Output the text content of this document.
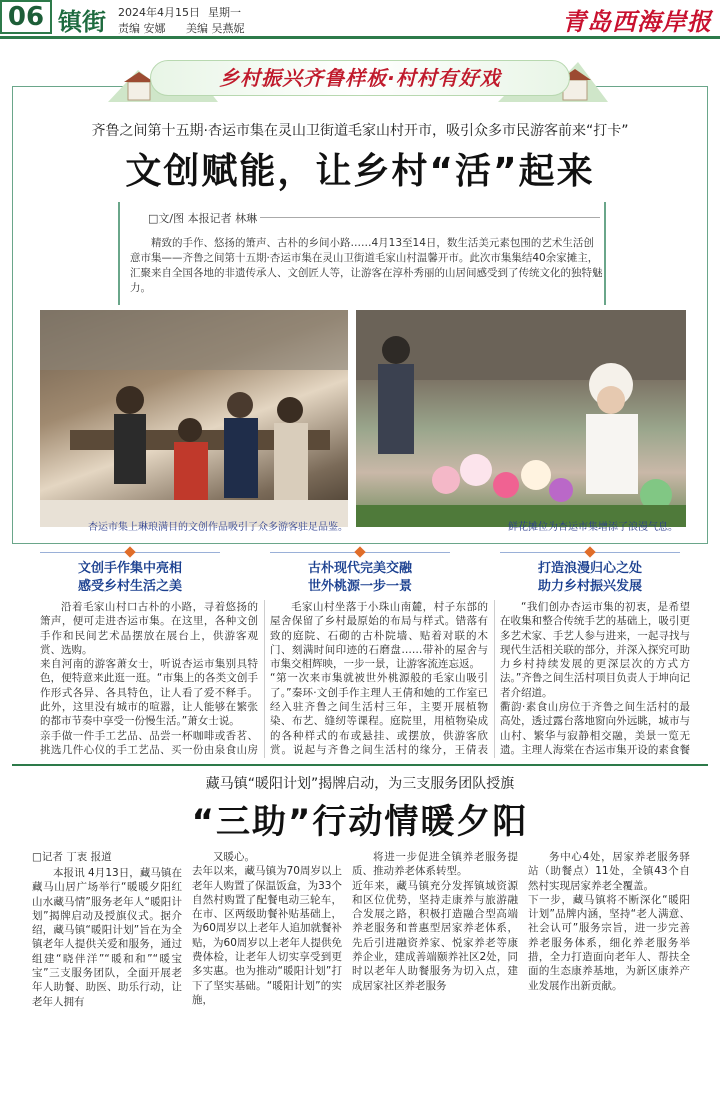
06 镇街 2024年4月15日 星期一
责编 安娜 美编 吴燕妮	青岛西海岸报
乡村振兴齐鲁样板·村村有好戏
齐鲁之间第十五期·杏运市集在灵山卫街道毛家山村开市，吸引众多市民游客前来“打卡”
文创赋能，让乡村“活”起来
□文/图 本报记者 林琳
精致的手作、悠扬的箫声、古朴的乡间小路……4月13至14日，数生活美元素包围的艺术生活创意市集——齐鲁之间第十五期·杏运市集在灵山卫街道毛家山村温馨开市。此次市集集结40余家摊主，汇聚来自全国各地的非遗传承人、文创匠人等，让游客在淳朴秀丽的山居间感受到了传统文化的独特魅力。
杏运市集上琳琅满目的文创作品吸引了众多游客驻足品鉴。	鲜花摊位为杏运市集增添了浪漫气息。
文创手作集中亮相
感受乡村生活之美
古朴现代完美交融
世外桃源一步一景
打造浪漫归心之处
助力乡村振兴发展
沿着毛家山村口古朴的小路，寻着悠扬的箫声，便可走进杏运市集。在这里，各种文创手作和民间艺术品摆放在展台上，供游客观赏、选购。
来自河南的游客萧女士，听说杏运市集别具特色，便特意来此逛一逛。“市集上的各类文创手作形式各异、各具特色，让人看了爱不释手。此外，这里没有城市的喧嚣，让人能够在繁张的都市节奏中享受一份慢生活。”萧女士说。
亲手做一件手工艺品、品尝一杯咖啡或香茗、挑选几件心仪的手工艺品、买一份由泉食山房

毛家山村坐落于小珠山南麓，村子东部的屋舍保留了乡村最原始的布局与样式。错落有致的庭院、石砌的古朴院墙、贴着对联的木门、刻满时间印迹的石磨盘……带补的屋舍与市集交相辉映，一步一景，让游客流连忘返。
“第一次来市集就被世外桃源般的毛家山吸引了。”秦环·文创手作主理人王倩和她的工作室已经入驻齐鲁之间生活村三年，主要开展植物染、布艺、缝纫等课程。庭院里，用植物染成的各种样式的布或悬挂、或摆放，供游客欣赏。说起与齐鲁之间生活村的缘分，王倩表

“我们创办杏运市集的初衷，是希望在收集和整合传统手艺的基础上，吸引更多艺术家、手艺人参与进来，一起寻找与现代生活相关联的部分，并深入探究可助力乡村持续发展的更深层次的方式方法。”齐鲁之间生活村项目负责人于坤向记者介绍道。
衢韵·素食山房位于齐鲁之间生活村的最高处，透过露台落地窗向外远眺，城市与山村、繁华与寂静相交融，美景一览无遗。主理人海棠在杏运市集开设的素食餐

藏马镇“暖阳计划”揭牌启动，为三支服务团队授旗
“三助”行动情暖夕阳
□记者 丁衷 报道
本报讯 4月13日，藏马镇在藏马山居广场举行“暖暖夕阳红 山水藏马情”服务老年人“暖阳计划”揭牌启动及授旗仪式。据介绍，藏马镇“暖阳计划”旨在为全镇老年人提供关爱和服务，通过组建“晓伴洋”“暖和和”“暖宝宝”三支服务团队，全面开展老年人助餐、助医、助乐行动，让老年人拥有
又暖心。
去年以来，藏马镇为70周岁以上老年人购置了保温饭盒，为33个自然村购置了配餐电动三轮车，在市、区两级助餐补贴基础上，为60周岁以上老年人追加就餐补贴，为60周岁以上老年人提供免费体检，让老年人切实享受到更多实惠。也为推动“暖阳计划”打下了坚实基础。“暖阳计划”的实施，
将进一步促进全镇养老服务提质、推动养老体系转型。
近年来，藏马镇充分发挥镇域资源和区位优势，坚持走康养与旅游融合发展之路，积极打造融合型高端养老服务和普惠型居家养老体系，先后引进融资养家、悦家养老等康养企业，建成善端颐养社区2处，同时以老年人助餐服务为切入点，建成居家社区养老服务
务中心4处，居家养老服务驿站（助餐点）11处，全镇43个自然村实现居家养老全覆盖。
下一步，藏马镇将不断深化“暖阳计划”品牌内涵，坚持“老人满意、社会认可”服务宗旨，进一步完善养老服务体系，细化养老服务举措，全力打造面向老年人、帮扶全面的生态康养基地，为新区康养产业发展作出新贡献。
